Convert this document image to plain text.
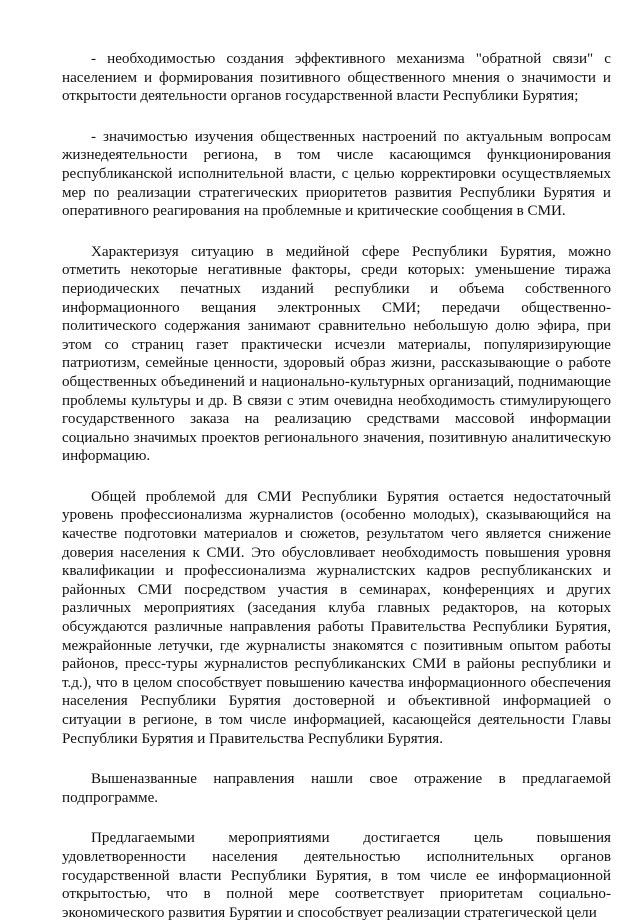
- необходимостью создания эффективного механизма "обратной связи" с населением и формирования позитивного общественного мнения о значимости и открытости деятельности органов государственной власти Республики Бурятия;

- значимостью изучения общественных настроений по актуальным вопросам жизнедеятельности региона, в том числе касающимся функционирования республиканской исполнительной власти, с целью корректировки осуществляемых мер по реализации стратегических приоритетов развития Республики Бурятия и оперативного реагирования на проблемные и критические сообщения в СМИ.

Характеризуя ситуацию в медийной сфере Республики Бурятия, можно отметить некоторые негативные факторы, среди которых: уменьшение тиража периодических печатных изданий республики и объема собственного информационного вещания электронных СМИ; передачи общественно-политического содержания занимают сравнительно небольшую долю эфира, при этом со страниц газет практически исчезли материалы, популяризирующие патриотизм, семейные ценности, здоровый образ жизни, рассказывающие о работе общественных объединений и национально-культурных организаций, поднимающие проблемы культуры и др. В связи с этим очевидна необходимость стимулирующего государственного заказа на реализацию средствами массовой информации социально значимых проектов регионального значения, позитивную аналитическую информацию.

Общей проблемой для СМИ Республики Бурятия остается недостаточный уровень профессионализма журналистов (особенно молодых), сказывающийся на качестве подготовки материалов и сюжетов, результатом чего является снижение доверия населения к СМИ. Это обусловливает необходимость повышения уровня квалификации и профессионализма журналистских кадров республиканских и районных СМИ посредством участия в семинарах, конференциях и других различных мероприятиях (заседания клуба главных редакторов, на которых обсуждаются различные направления работы Правительства Республики Бурятия, межрайонные летучки, где журналисты знакомятся с позитивным опытом работы районов, пресс-туры журналистов республиканских СМИ в районы республики и т.д.), что в целом способствует повышению качества информационного обеспечения населения Республики Бурятия достоверной и объективной информацией о ситуации в регионе, в том числе информацией, касающейся деятельности Главы Республики Бурятия и Правительства Республики Бурятия.

Вышеназванные направления нашли свое отражение в предлагаемой подпрограмме.

Предлагаемыми мероприятиями достигается цель повышения удовлетворенности населения деятельностью исполнительных органов государственной власти Республики Бурятия, в том числе ее информационной открытостью, что в полной мере соответствует приоритетам социально-экономического развития Бурятии и способствует реализации стратегической цели
